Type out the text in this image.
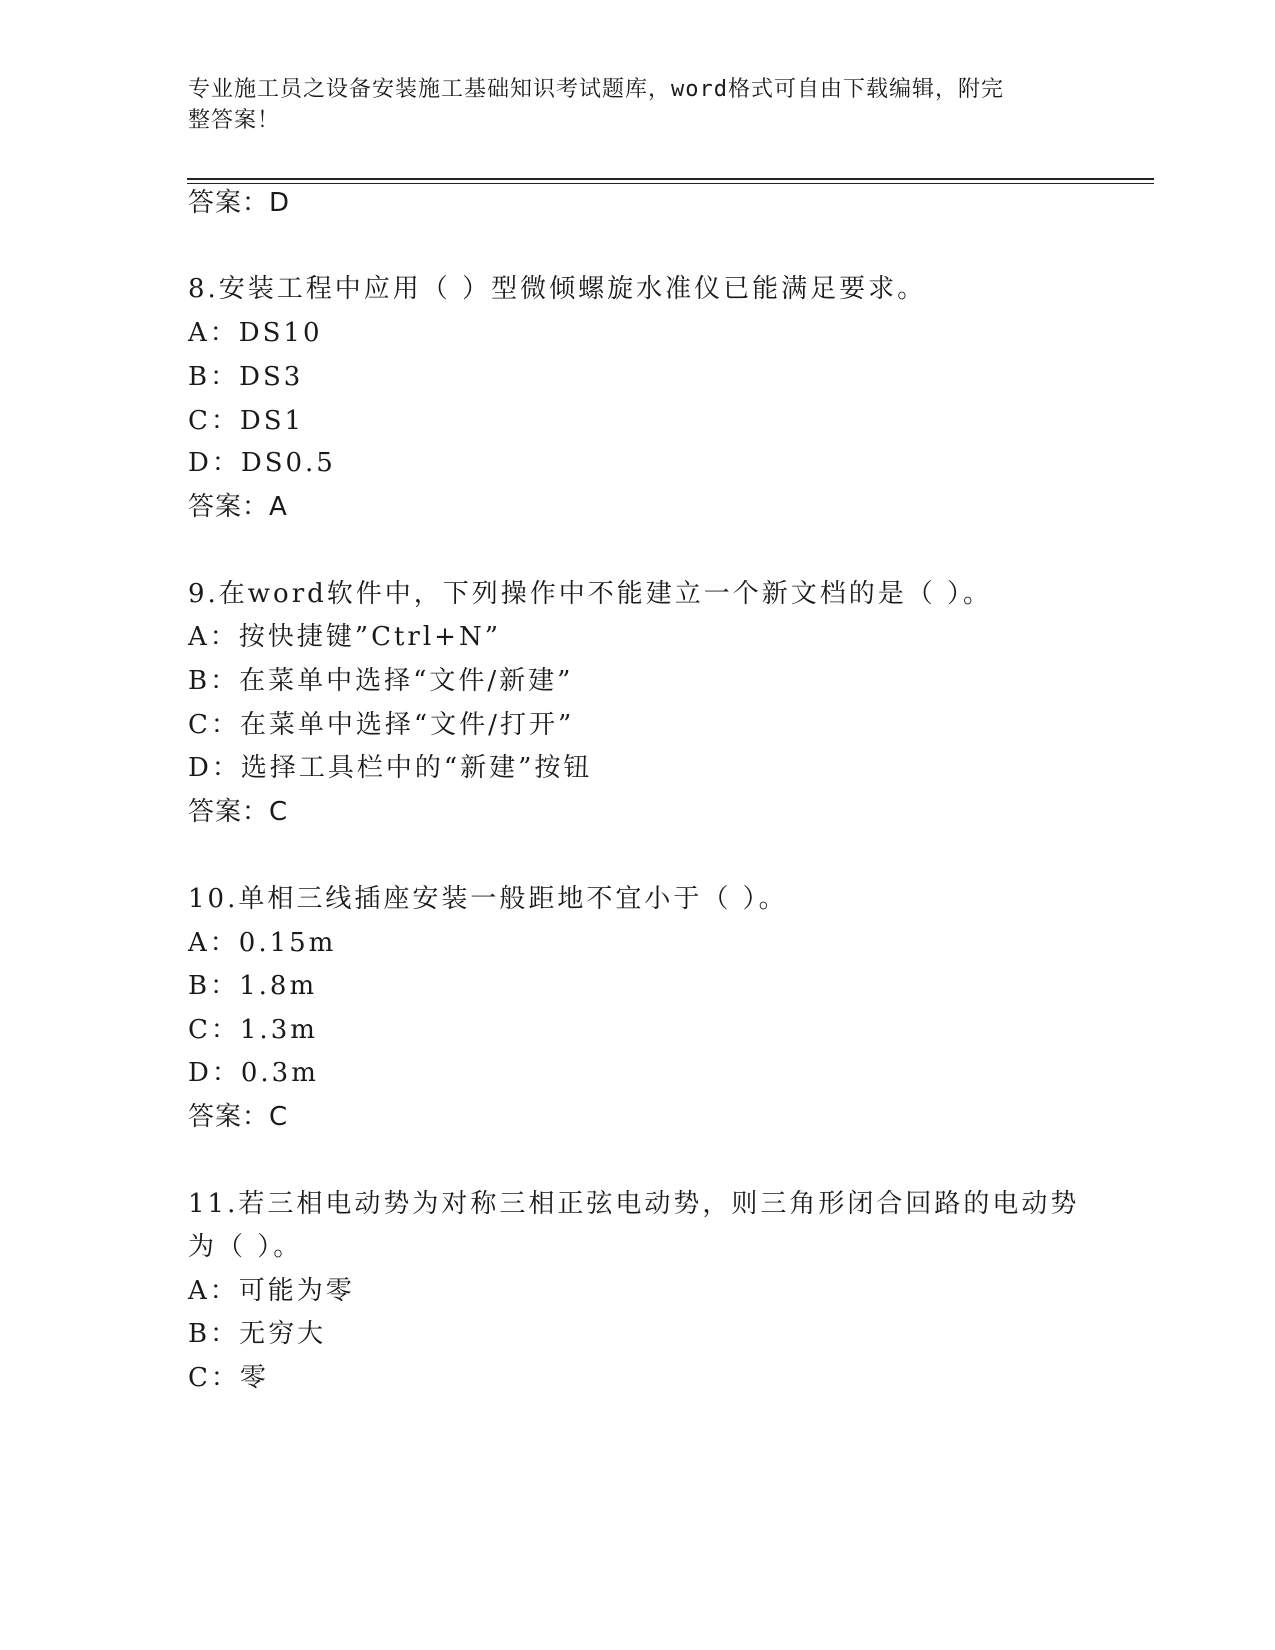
专业施工员之设备安装施工基础知识考试题库，word格式可自由下载编辑，附完
整答案！
答案：D
8.安装工程中应用（ ）型微倾螺旋水准仪已能满足要求。
A：DS10
B：DS3
C：DS1
D：DS0.5
答案：A
9.在word软件中，下列操作中不能建立一个新文档的是（ ）。
A：按快捷键”Ctrl+N”
B：在菜单中选择“文件/新建”
C：在菜单中选择“文件/打开”
D：选择工具栏中的“新建”按钮
答案：C
10.单相三线插座安装一般距地不宜小于（ ）。
A：0.15m
B：1.8m
C：1.3m
D：0.3m
答案：C
11.若三相电动势为对称三相正弦电动势，则三角形闭合回路的电动势
为（ ）。
A：可能为零
B：无穷大
C：零
